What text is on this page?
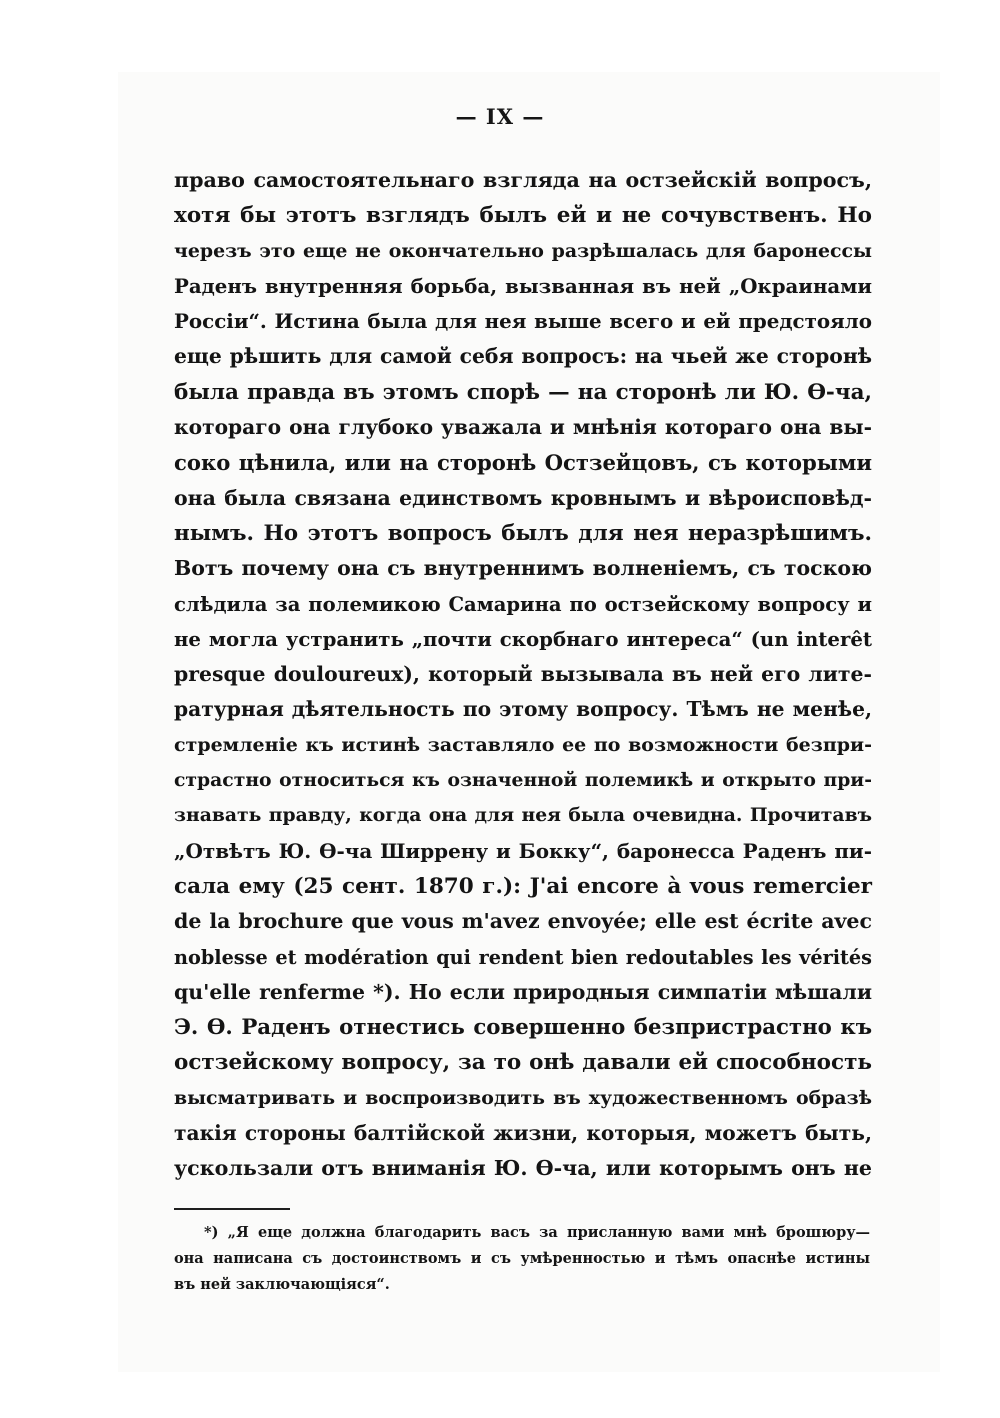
— IX —
право самостоятельнаго взгляда на остзейскій вопросъ,
хотя бы этотъ взглядъ былъ ей и не сочувственъ. Но
черезъ это еще не окончательно разрѣшалась для баронессы
Раденъ внутренняя борьба, вызванная въ ней „Окраинами
Россіи“. Истина была для нея выше всего и ей предстояло
еще рѣшить для самой себя вопросъ: на чьей же сторонѣ
была правда въ этомъ спорѣ — на сторонѣ ли Ю. Ѳ-ча,
котораго она глубоко уважала и мнѣнія котораго она вы-
соко цѣнила, или на сторонѣ Остзейцовъ, съ которыми
она была связана единствомъ кровнымъ и вѣроисповѣд-
нымъ. Но этотъ вопросъ былъ для нея неразрѣшимъ.
Вотъ почему она съ внутреннимъ волненіемъ, съ тоскою
слѣдила за полемикою Самарина по остзейскому вопросу и
не могла устранить „почти скорбнаго интереса“ (un interêt
presque douloureux), который вызывала въ ней его лите-
ратурная дѣятельность по этому вопросу. Тѣмъ не менѣе,
стремленіе къ истинѣ заставляло ее по возможности безпри-
страстно относиться къ означенной полемикѣ и открыто при-
знавать правду, когда она для нея была очевидна. Прочитавъ
„Отвѣтъ Ю. Ѳ-ча Ширрену и Бокку“, баронесса Раденъ пи-
сала ему (25 сент. 1870 г.): J'ai encore à vous remercier
de la brochure que vous m'avez envoyée; elle est écrite avec
noblesse et modération qui rendent bien redoutables les vérités
qu'elle renferme *). Но если природныя симпатіи мѣшали
Э. Ѳ. Раденъ отнестись совершенно безпристрастно къ
остзейскому вопросу, за то онѣ давали ей способность
высматривать и воспроизводить въ художественномъ образѣ
такія стороны балтійской жизни, которыя, можетъ быть,
ускользали отъ вниманія Ю. Ѳ-ча, или которымъ онъ не
*) „Я еще должна благодарить васъ за присланную вами мнѣ брошюру—
она написана съ достоинствомъ и съ умѣренностью и тѣмъ опаснѣе истины
въ ней заключающіяся“.
